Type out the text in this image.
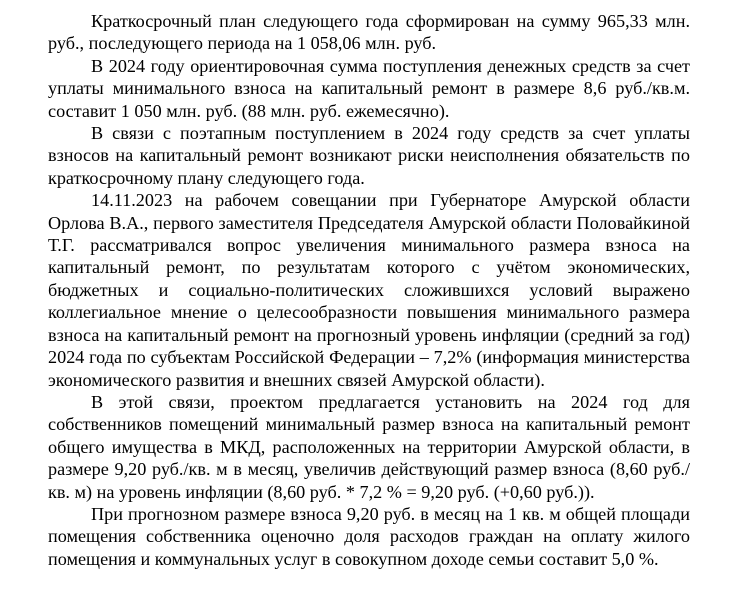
Краткосрочный план следующего года сформирован на сумму 965,33 млн. руб., последующего периода на 1 058,06 млн. руб.

В 2024 году ориентировочная сумма поступления денежных средств за счет уплаты минимального взноса на капитальный ремонт в размере 8,6 руб./кв.м. составит 1 050 млн. руб. (88 млн. руб. ежемесячно).

В связи с поэтапным поступлением в 2024 году средств за счет уплаты взносов на капитальный ремонт возникают риски неисполнения обязательств по краткосрочному плану следующего года.

14.11.2023 на рабочем совещании при Губернаторе Амурской области Орлова В.А., первого заместителя Председателя Амурской области Половайкиной Т.Г. рассматривался вопрос увеличения минимального размера взноса на капитальный ремонт, по результатам которого с учётом экономических, бюджетных и социально-политических сложившихся условий выражено коллегиальное мнение о целесообразности повышения минимального размера взноса на капитальный ремонт на прогнозный уровень инфляции (средний за год) 2024 года по субъектам Российской Федерации – 7,2% (информация министерства экономического развития и внешних связей Амурской области).

В этой связи, проектом предлагается установить на 2024 год для собственников помещений минимальный размер взноса на капитальный ремонт общего имущества в МКД, расположенных на территории Амурской области, в размере 9,20 руб./кв. м в месяц, увеличив действующий размер взноса (8,60 руб./кв. м) на уровень инфляции (8,60 руб. * 7,2 % = 9,20 руб. (+0,60 руб.)).

При прогнозном размере взноса 9,20 руб. в месяц на 1 кв. м общей площади помещения собственника оценочно доля расходов граждан на оплату жилого помещения и коммунальных услуг в совокупном доходе семьи составит 5,0 %.
